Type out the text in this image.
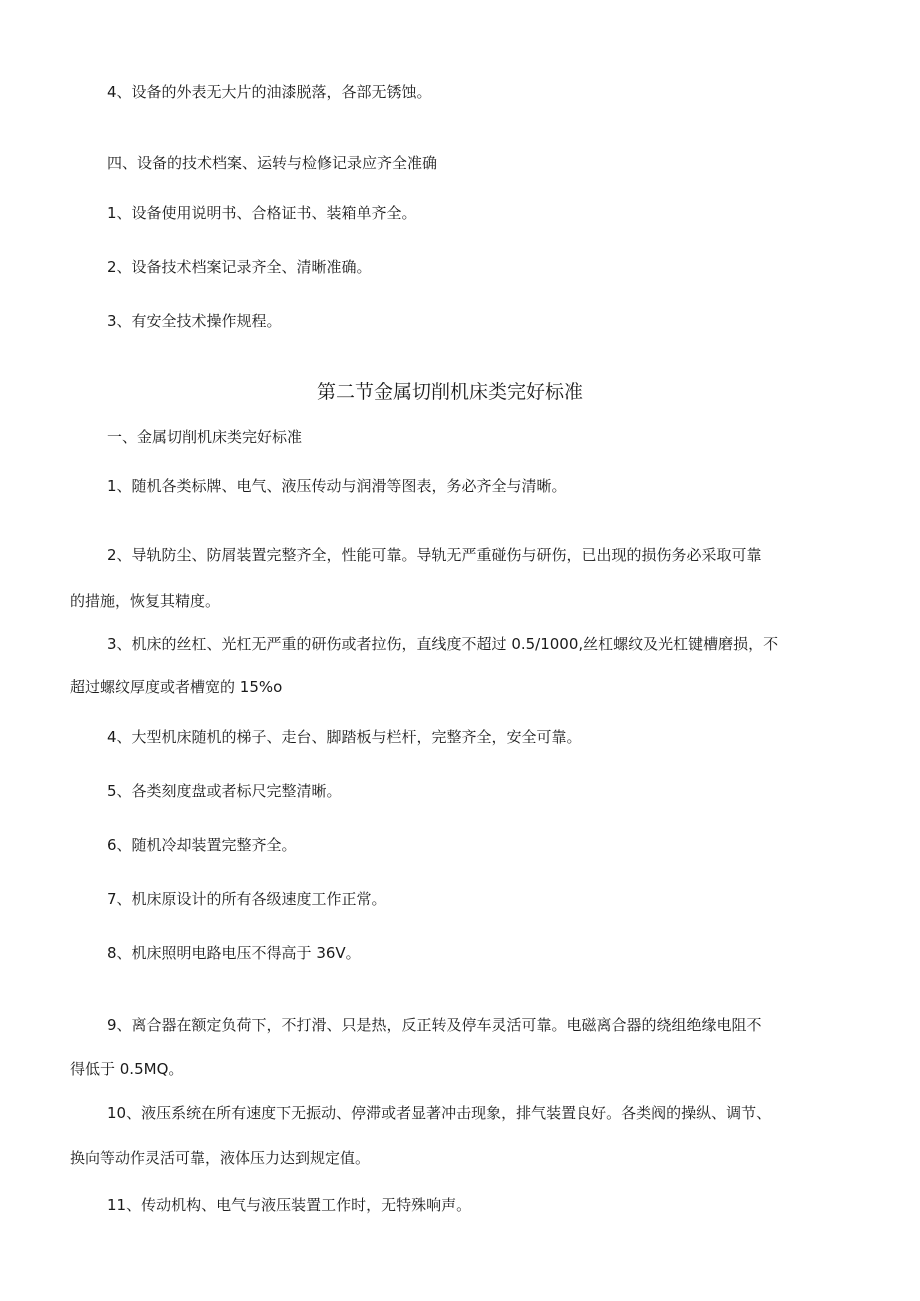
4、设备的外表无大片的油漆脱落，各部无锈蚀。

四、设备的技术档案、运转与检修记录应齐全准确

1、设备使用说明书、合格证书、装箱单齐全。

2、设备技术档案记录齐全、清晰准确。

3、有安全技术操作规程。

第二节金属切削机床类完好标准

一、金属切削机床类完好标准

1、随机各类标牌、电气、液压传动与润滑等图表，务必齐全与清晰。

2、导轨防尘、防屑装置完整齐全，性能可靠。导轨无严重碰伤与研伤，已出现的损伤务必采取可靠

的措施，恢复其精度。

3、机床的丝杠、光杠无严重的研伤或者拉伤，直线度不超过 0.5/1000,丝杠螺纹及光杠键槽磨损，不

超过螺纹厚度或者槽宽的 15%o

4、大型机床随机的梯子、走台、脚踏板与栏杆，完整齐全，安全可靠。

5、各类刻度盘或者标尺完整清晰。

6、随机冷却装置完整齐全。

7、机床原设计的所有各级速度工作正常。

8、机床照明电路电压不得高于 36V。

9、离合器在额定负荷下，不打滑、只是热，反正转及停车灵活可靠。电磁离合器的绕组绝缘电阻不

得低于 0.5MQ。

10、液压系统在所有速度下无振动、停滞或者显著冲击现象，排气装置良好。各类阀的操纵、调节、

换向等动作灵活可靠，液体压力达到规定值。

11、传动机构、电气与液压装置工作时，无特殊响声。
